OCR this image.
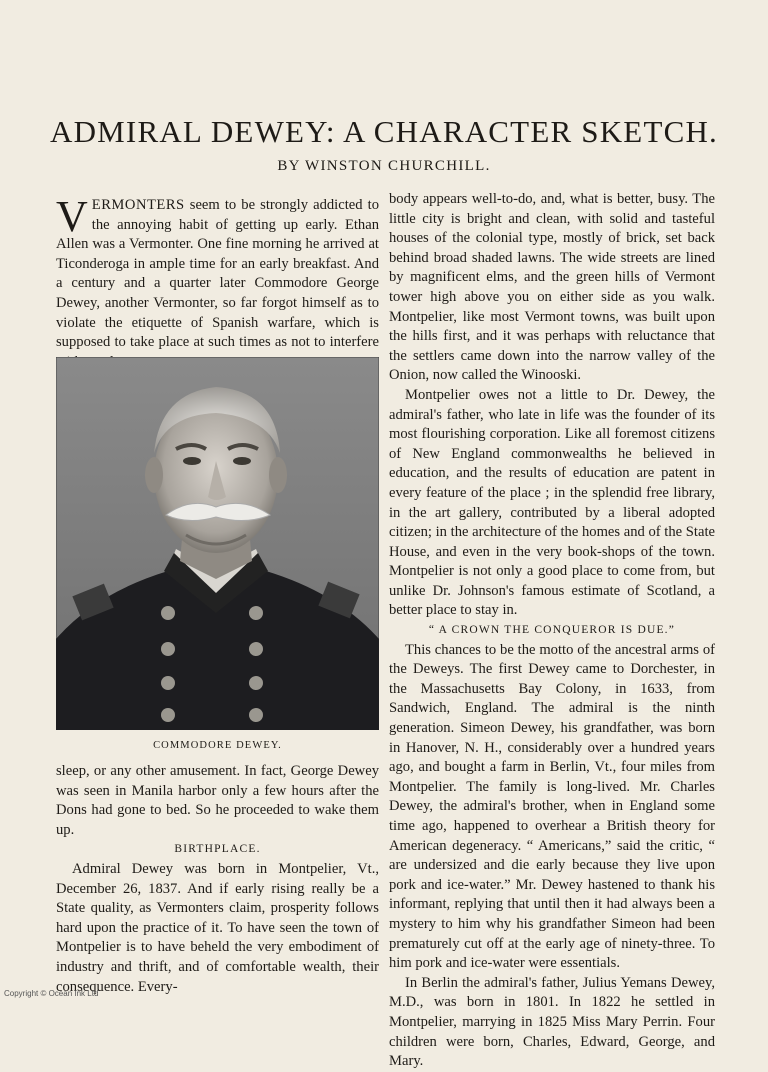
ADMIRAL DEWEY: A CHARACTER SKETCH.

BY WINSTON CHURCHILL.

VERMONTERS seem to be strongly addicted to the annoying habit of getting up early. Ethan Allen was a Vermonter. One fine morning he arrived at Ticonderoga in ample time for an early breakfast. And a century and a quarter later Commodore George Dewey, another Vermonter, so far forgot himself as to violate the etiquette of Spanish warfare, which is supposed to take place at such times as not to interfere

COMMODORE DEWEY.

sleep, or any other amusement. In fact, George Dewey was seen in Manila harbor only a few hours after the Dons had gone to bed. So he proceeded to wake them up.

BIRTHPLACE.

Admiral Dewey was born in Montpelier, Vt., December 26, 1837. And if early rising really be a State quality, as Vermonters claim, prosperity follows hard upon the practice of it. To have seen the town of Montpelier is to have beheld the very embodiment of industry and thrift, and of comfortable wealth, their consequence. Every-

body appears well-to-do, and, what is better, busy. The little city is bright and clean, with solid and tasteful houses of the colonial type, mostly of brick, set back behind broad shaded lawns. The wide streets are lined by magnificent elms, and the green hills of Vermont tower high above you on either side as you walk. Montpelier, like most Vermont towns, was built upon the hills first, and it was perhaps with reluctance that the settlers came down into the narrow valley of the Onion, now called the Winooski.

Montpelier owes not a little to Dr. Dewey, the admiral's father, who late in life was the founder of its most flourishing corporation. Like all foremost citizens of New England commonwealths he believed in education, and the results of education are patent in every feature of the place ; in the splendid free library, in the art gallery, contributed by a liberal adopted citizen; in the architecture of the homes and of the State House, and even in the very book-shops of the town. Montpelier is not only a good place to come from, but unlike Dr. Johnson's famous estimate of Scotland, a better place to stay in.

“ A CROWN THE CONQUEROR IS DUE.”

This chances to be the motto of the ancestral arms of the Deweys. The first Dewey came to Dorchester, in the Massachusetts Bay Colony, in 1633, from Sandwich, England. The admiral is the ninth generation. Simeon Dewey, his grandfather, was born in Hanover, N. H., considerably over a hundred years ago, and bought a farm in Berlin, Vt., four miles from Montpelier. The family is long-lived. Mr. Charles Dewey, the admiral's brother, when in England some time ago, happened to overhear a British theory for American degeneracy. “ Americans,” said the critic, “ are undersized and die early because they live upon pork and ice-water.” Mr. Dewey hastened to thank his informant, replying that until then it had always been a mystery to him why his grandfather Simeon had been prematurely cut off at the early age of ninety-three. To him pork and ice-water were essentials.

In Berlin the admiral's father, Julius Yemans Dewey, M.D., was born in 1801. In 1822 he settled in Montpelier, marrying in 1825 Miss Mary Perrin. Four children were born, Charles, Edward, George, and Mary.

Copyright © Ocean Ink Ltd
